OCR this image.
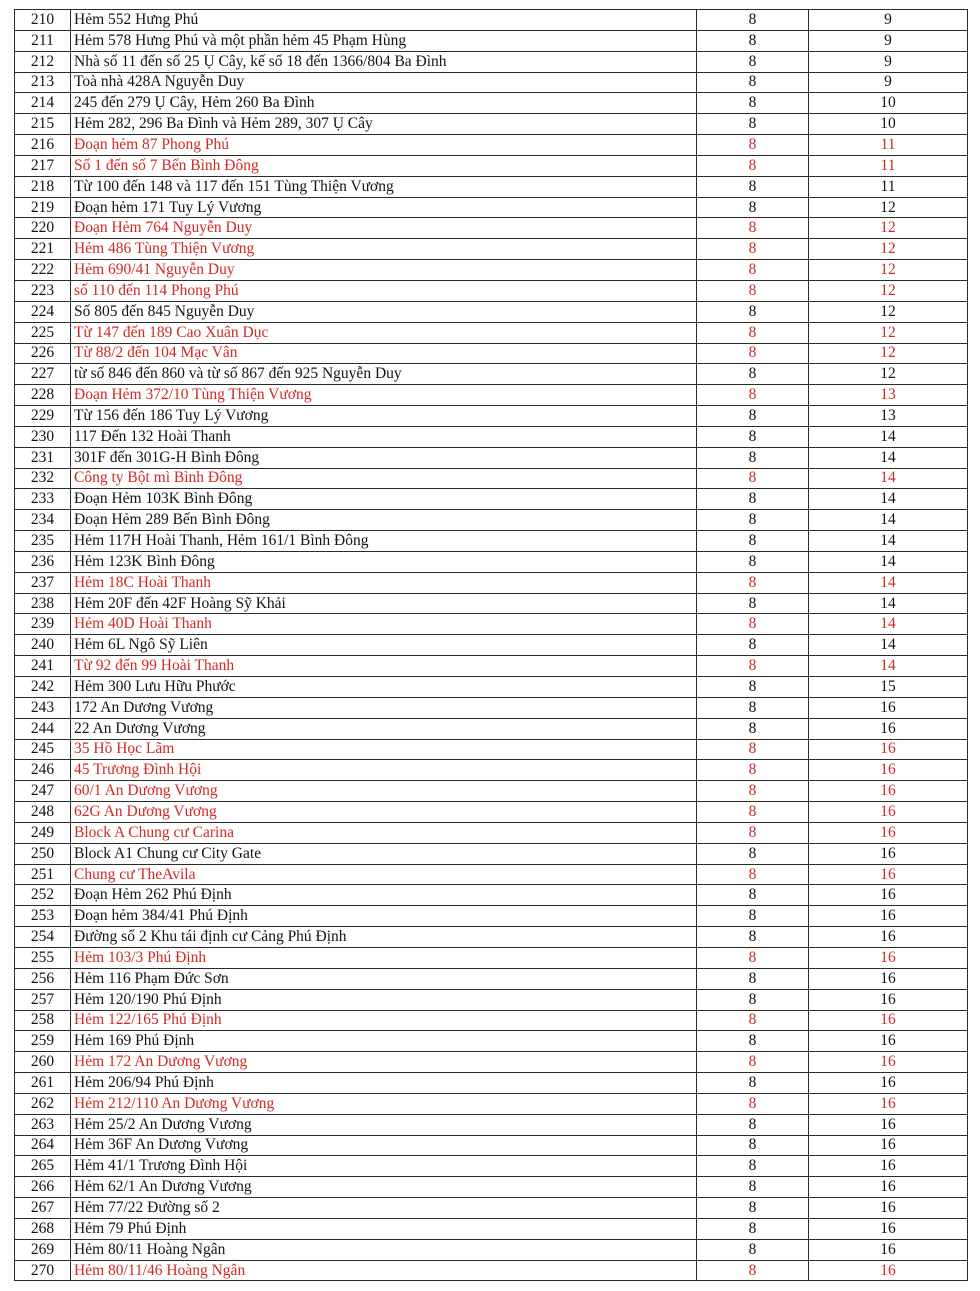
210	Hẻm 552 Hưng Phú	8	9
211	Hẻm 578 Hưng Phú và một phần hẻm 45 Phạm Hùng	8	9
212	Nhà số 11 đến số 25 Ụ Cây, kế số 18 đến 1366/804 Ba Đình	8	9
213	Toà nhà 428A Nguyễn Duy	8	9
214	245 đến 279 Ụ Cây, Hẻm 260 Ba Đình	8	10
215	Hẻm 282, 296 Ba Đình và Hẻm 289, 307 Ụ Cây	8	10
216	Đoạn hẻm 87 Phong Phú	8	11
217	Số 1 đến số 7 Bến Bình Đông	8	11
218	Từ 100 đến 148 và 117 đến 151 Tùng Thiện Vương	8	11
219	Đoạn hẻm 171 Tuy Lý Vương	8	12
220	Đoạn Hẻm 764 Nguyễn Duy	8	12
221	Hẻm 486 Tùng Thiện Vương	8	12
222	Hẻm 690/41 Nguyễn Duy	8	12
223	số 110 đến 114 Phong Phú	8	12
224	Số 805 đến 845 Nguyễn Duy	8	12
225	Từ 147 đến 189 Cao Xuân Dục	8	12
226	Từ 88/2 đến 104 Mạc Vân	8	12
227	từ số 846 đến 860 và từ số 867 đến 925 Nguyễn Duy	8	12
228	Đoạn Hẻm 372/10 Tùng Thiện Vương	8	13
229	Từ 156 đến 186 Tuy Lý Vương	8	13
230	117 Đến 132 Hoài Thanh	8	14
231	301F đến 301G-H Bình Đông	8	14
232	Công ty Bột mì Bình Đông	8	14
233	Đoạn Hẻm 103K Bình Đông	8	14
234	Đoạn Hẻm 289 Bến Bình Đông	8	14
235	Hẻm 117H Hoài Thanh, Hẻm 161/1 Bình Đông	8	14
236	Hẻm 123K Bình Đông	8	14
237	Hẻm 18C Hoài Thanh	8	14
238	Hẻm 20F đến 42F Hoàng Sỹ Khải	8	14
239	Hẻm 40D Hoài Thanh	8	14
240	Hẻm 6L Ngô Sỹ Liên	8	14
241	Từ 92 đến 99 Hoài Thanh	8	14
242	Hẻm 300 Lưu Hữu Phước	8	15
243	172 An Dương Vương	8	16
244	22 An Dương Vương	8	16
245	35 Hồ Học Lãm	8	16
246	45 Trương Đình Hội	8	16
247	60/1 An Dương Vương	8	16
248	62G An Dương Vương	8	16
249	Block A Chung cư Carina	8	16
250	Block A1 Chung cư City Gate	8	16
251	Chung cư TheAvila	8	16
252	Đoạn Hẻm 262 Phú Định	8	16
253	Đoạn hẻm 384/41 Phú Định	8	16
254	Đường số 2 Khu tái định cư Cảng Phú Định	8	16
255	Hẻm 103/3 Phú Định	8	16
256	Hẻm 116 Phạm Đức Sơn	8	16
257	Hẻm 120/190 Phú Định	8	16
258	Hẻm 122/165 Phú Định	8	16
259	Hẻm 169 Phú Định	8	16
260	Hẻm 172 An Dương Vương	8	16
261	Hẻm 206/94 Phú Định	8	16
262	Hẻm 212/110 An Dương Vương	8	16
263	Hẻm 25/2 An Dương Vương	8	16
264	Hẻm 36F An Dương Vương	8	16
265	Hẻm 41/1 Trương Đình Hội	8	16
266	Hẻm 62/1 An Dương Vương	8	16
267	Hẻm 77/22 Đường số 2	8	16
268	Hẻm 79 Phú Định	8	16
269	Hẻm 80/11 Hoàng Ngân	8	16
270	Hẻm 80/11/46 Hoàng Ngân	8	16
